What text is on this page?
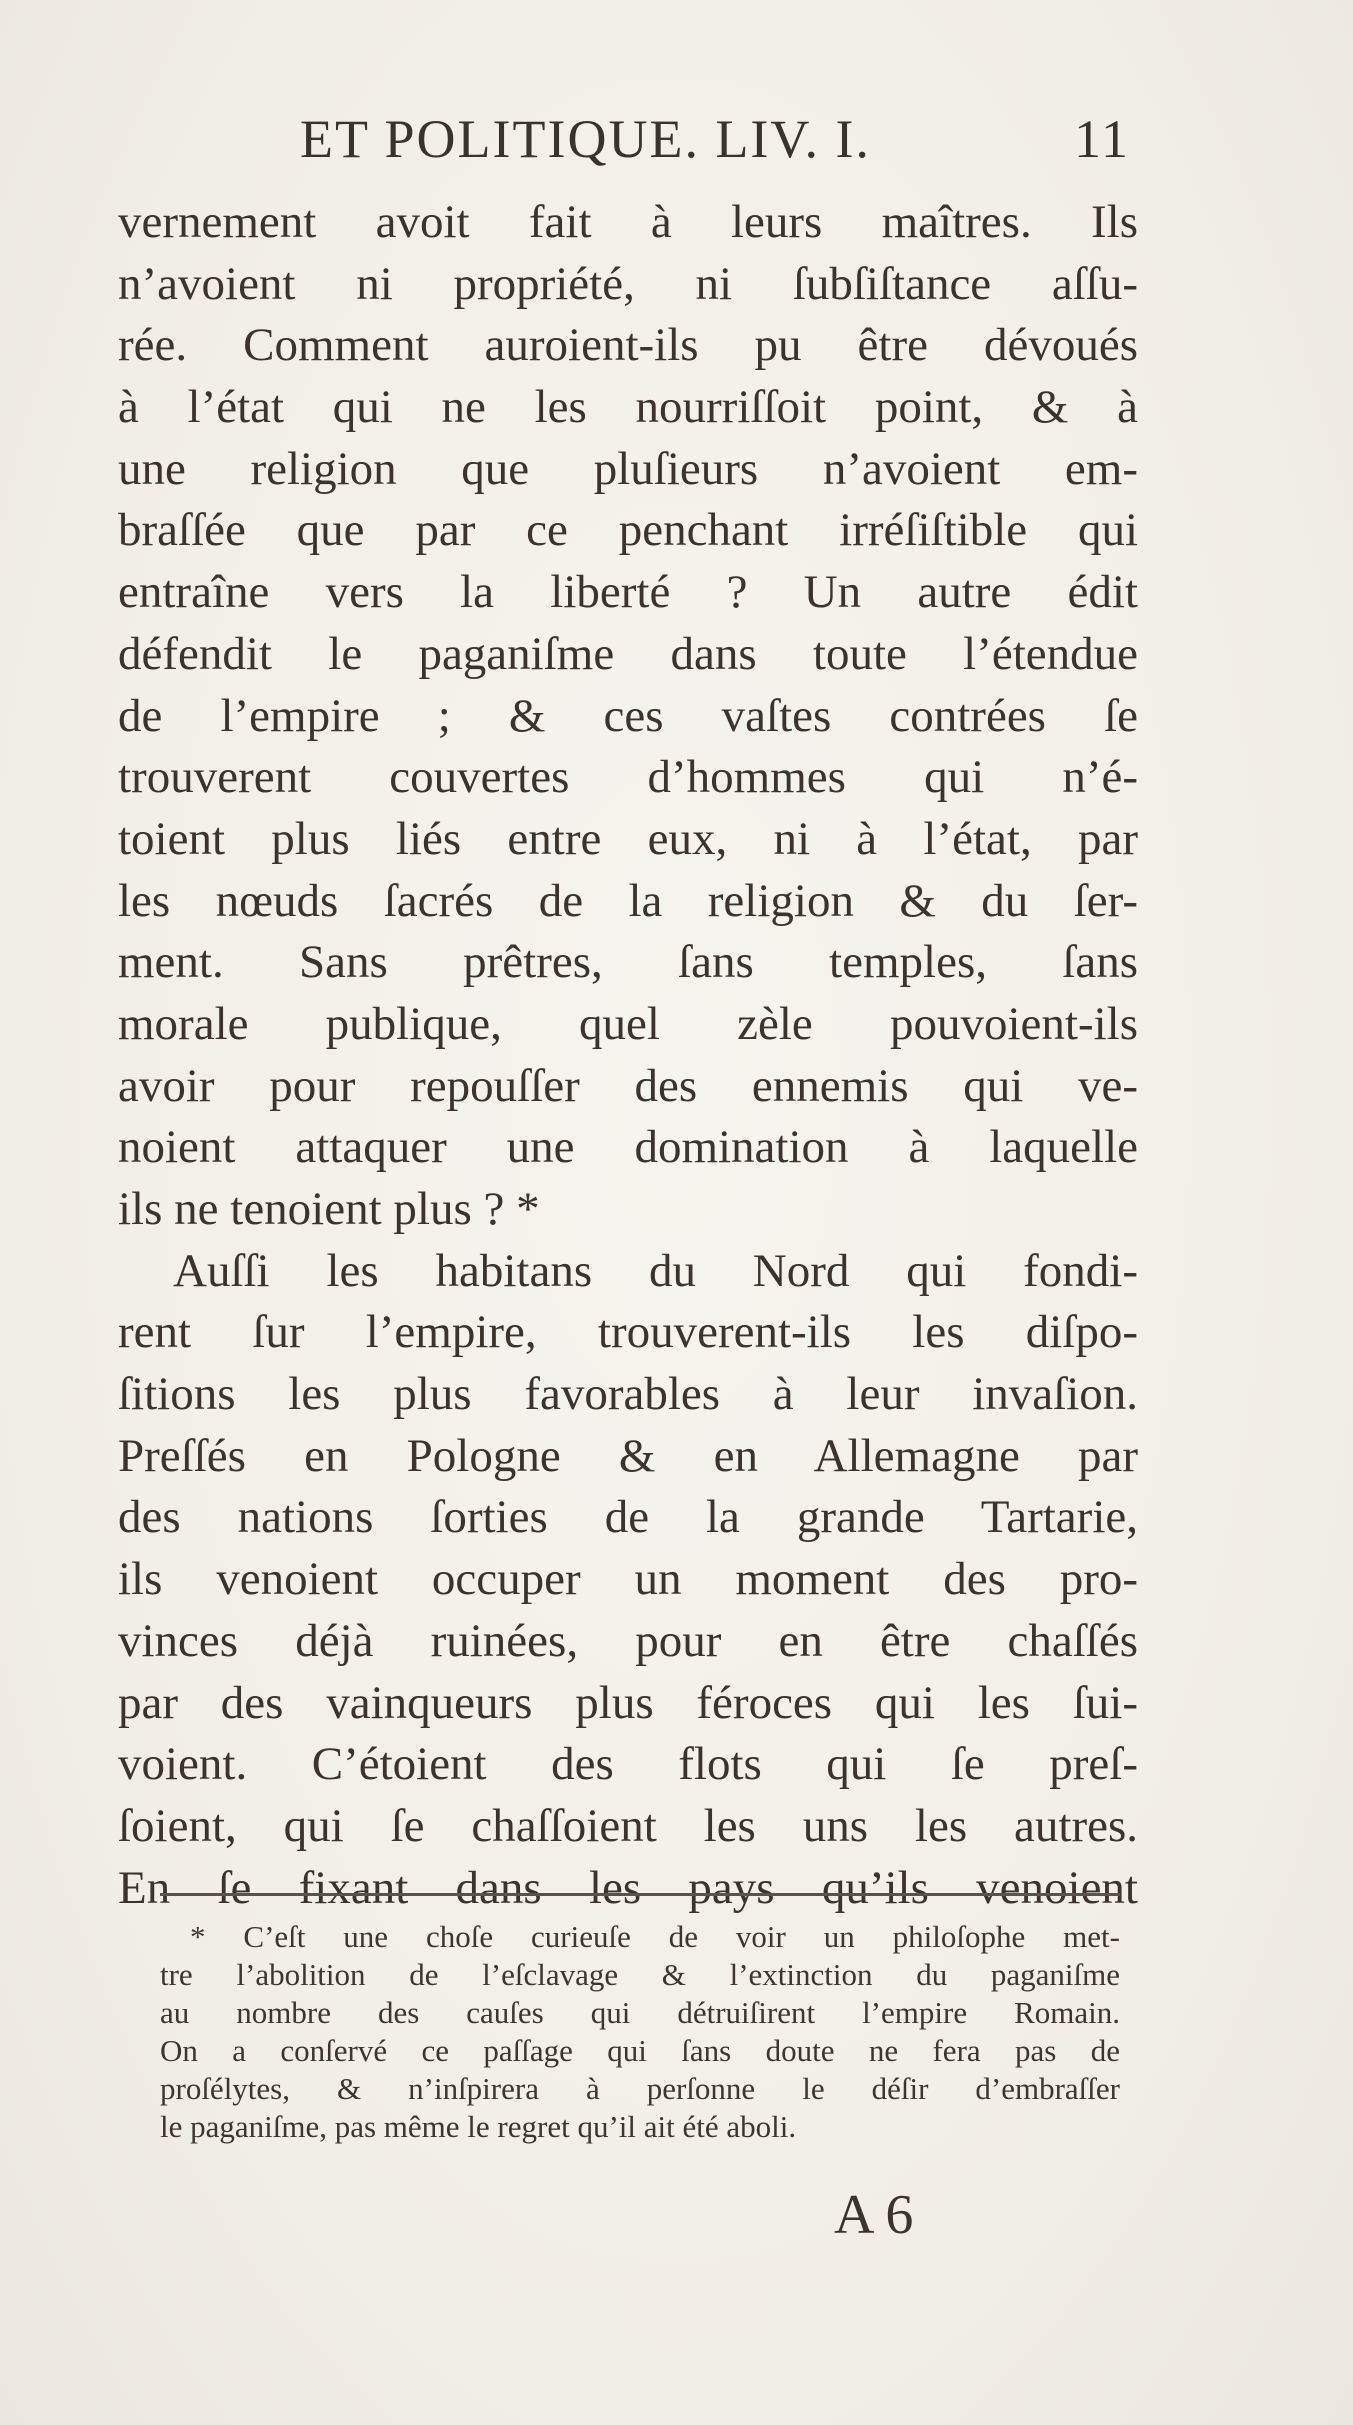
ET POLITIQUE. LIV. I.	11
vernement avoit fait à leurs maîtres. Ils
n’avoient ni propriété, ni ſubſiſtance aſſu-
rée. Comment auroient-ils pu être dévoués
à l’état qui ne les nourriſſoit point, & à
une religion que pluſieurs n’avoient em-
braſſée que par ce penchant irréſiſtible qui
entraîne vers la liberté ? Un autre édit
défendit le paganiſme dans toute l’étendue
de l’empire ; & ces vaſtes contrées ſe
trouverent couvertes d’hommes qui n’é-
toient plus liés entre eux, ni à l’état, par
les nœuds ſacrés de la religion & du ſer-
ment. Sans prêtres, ſans temples, ſans
morale publique, quel zèle pouvoient-ils
avoir pour repouſſer des ennemis qui ve-
noient attaquer une domination à laquelle
ils ne tenoient plus ? *
Auſſi les habitans du Nord qui fondi-
rent ſur l’empire, trouverent-ils les diſpo-
ſitions les plus favorables à leur invaſion.
Preſſés en Pologne & en Allemagne par
des nations ſorties de la grande Tartarie,
ils venoient occuper un moment des pro-
vinces déjà ruinées, pour en être chaſſés
par des vainqueurs plus féroces qui les ſui-
voient. C’étoient des flots qui ſe preſ-
ſoient, qui ſe chaſſoient les uns les autres.
En ſe fixant dans les pays qu’ils venoient
* C’eſt une choſe curieuſe de voir un philoſophe met-
tre l’abolition de l’eſclavage & l’extinction du paganiſme
au nombre des cauſes qui détruiſirent l’empire Romain.
On a conſervé ce paſſage qui ſans doute ne fera pas de
proſélytes, & n’inſpirera à perſonne le déſir d’embraſſer
le paganiſme, pas même le regret qu’il ait été aboli.
A 6
